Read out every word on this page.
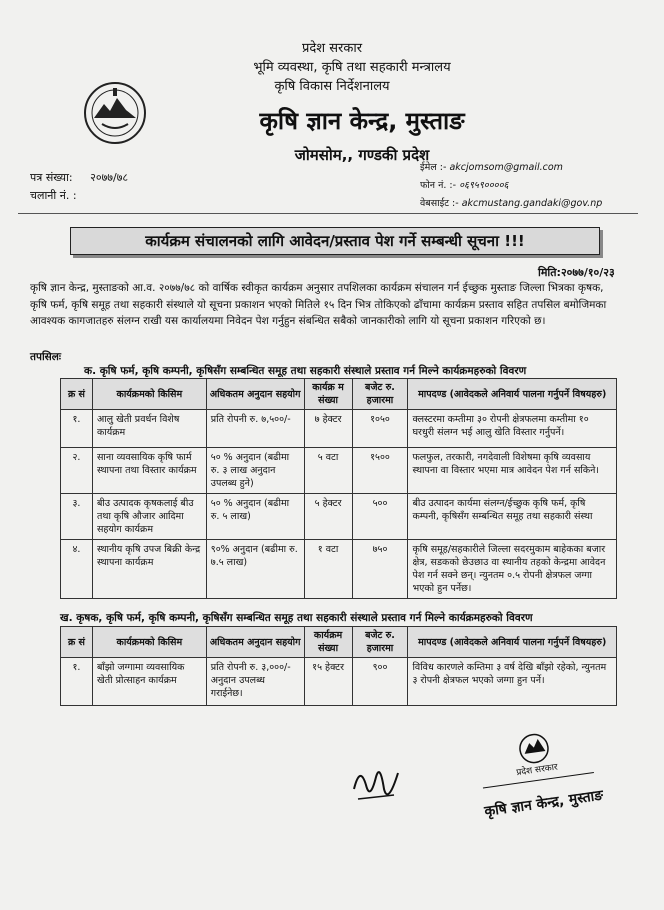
प्रदेश सरकार
भूमि व्यवस्था, कृषि तथा सहकारी मन्त्रालय
कृषि विकास निर्देशनालय
कृषि ज्ञान केन्द्र, मुस्ताङ
जोमसोम,, गण्डकी प्रदेश
पत्र संख्या: २०७७/७८
चलानी नं. :
ईमेल :- akcjomsom@gmail.com
फोन नं. :- ०६९५९००००६
वेबसाईट :- akcmustang.gandaki@gov.np
कार्यक्रम संचालनको लागि आवेदन/प्रस्ताव पेश गर्ने सम्बन्धी सूचना !!!
मिति:२०७७/१०/२३

कृषि ज्ञान केन्द्र, मुस्ताङको आ.व. २०७७/७८ को वार्षिक स्वीकृत कार्यक्रम अनुसार तपशिलका कार्यक्रम संचालन गर्न ईच्छुक मुस्ताङ जिल्ला भित्रका कृषक, कृषि फर्म, कृषि समूह तथा सहकारी संस्थाले यो सूचना प्रकाशन भएको मितिले १५ दिन भित्र तोकिएको ढाँचामा कार्यक्रम प्रस्ताव सहित तपसिल बमोजिमका आवश्यक कागजातहरु संलग्न राखी यस कार्यालयमा निवेदन पेश गर्नुहुन संबन्धित सबैको जानकारीको लागि यो सूचना प्रकाशन गरिएको छ।

तपसिलः
क. कृषि फर्म, कृषि कम्पनी, कृषिसँग सम्बन्धित समूह तथा सहकारी संस्थाले प्रस्ताव गर्न मिल्ने कार्यक्रमहरुको विवरण
क्र सं	कार्यक्रमको किसिम	अधिकतम अनुदान सहयोग	कार्यक्र म संख्या	बजेट रु. हजारमा	मापदण्ड (आवेदकले अनिवार्य पालना गर्नुपर्ने विषयहरु)
१.	आलु खेती प्रवर्धन विशेष कार्यक्रम	प्रति रोपनी रु. ७,५००/-	७ हेक्टर	१०५०	क्लस्टरमा कम्तीमा ३० रोपनी क्षेत्रफलमा कम्तीमा १० घरधुरी संलग्न भई आलु खेति विस्तार गर्नुपर्ने।
२.	साना व्यवसायिक कृषि फार्म स्थापना तथा विस्तार कार्यक्रम	५० % अनुदान (बढीमा रु. ३ लाख अनुदान उपलब्ध हुने)	५ वटा	१५००	फलफुल, तरकारी, नगदेवाली विशेषमा कृषि व्यवसाय स्थापना वा विस्तार भएमा मात्र आवेदन पेश गर्न सकिने।
३.	बीउ उत्पादक कृषकलाई बीउ तथा कृषि औजार आदिमा सहयोग कार्यक्रम	५० % अनुदान (बढीमा रु. ५ लाख)	५ हेक्टर	५००	बीउ उत्पादन कार्यमा संलग्न/ईच्छुक कृषि फर्म, कृषि कम्पनी, कृषिसँग सम्बन्धित समूह तथा सहकारी संस्था
४.	स्थानीय कृषि उपज बिक्री केन्द्र स्थापना कार्यक्रम	९०% अनुदान (बढीमा रु. ७.५ लाख)	१ वटा	७५०	कृषि समूह/सहकारीले जिल्ला सदरमुकाम बाहेकका बजार क्षेत्र, सडकको छेउछाउ वा स्थानीय तहको केन्द्रमा आवेदन पेश गर्न सक्ने छन्। न्युनतम ०.५ रोपनी क्षेत्रफल जग्गा भएको हुन पर्नेछ।
ख. कृषक, कृषि फर्म, कृषि कम्पनी, कृषिसँग सम्बन्धित समूह तथा सहकारी संस्थाले प्रस्ताव गर्न मिल्ने कार्यक्रमहरुको विवरण
क्र सं	कार्यक्रमको किसिम	अधिकतम अनुदान सहयोग	कार्यक्रम संख्या	बजेट रु. हजारमा	मापदण्ड (आवेदकले अनिवार्य पालना गर्नुपर्ने विषयहरु)
१.	बाँझो जग्गामा व्यवसायिक खेती प्रोत्साहन कार्यक्रम	प्रति रोपनी रु. ३,०००/- अनुदान उपलब्ध गराईनेछ।	१५ हेक्टर	९००	विविध कारणले कम्तिमा ३ वर्ष देखि बाँझो रहेको, न्युनतम ३ रोपनी क्षेत्रफल भएको जग्गा हुन पर्ने।
प्रदेश सरकार
कृषि ज्ञान केन्द्र, मुस्ताङ
